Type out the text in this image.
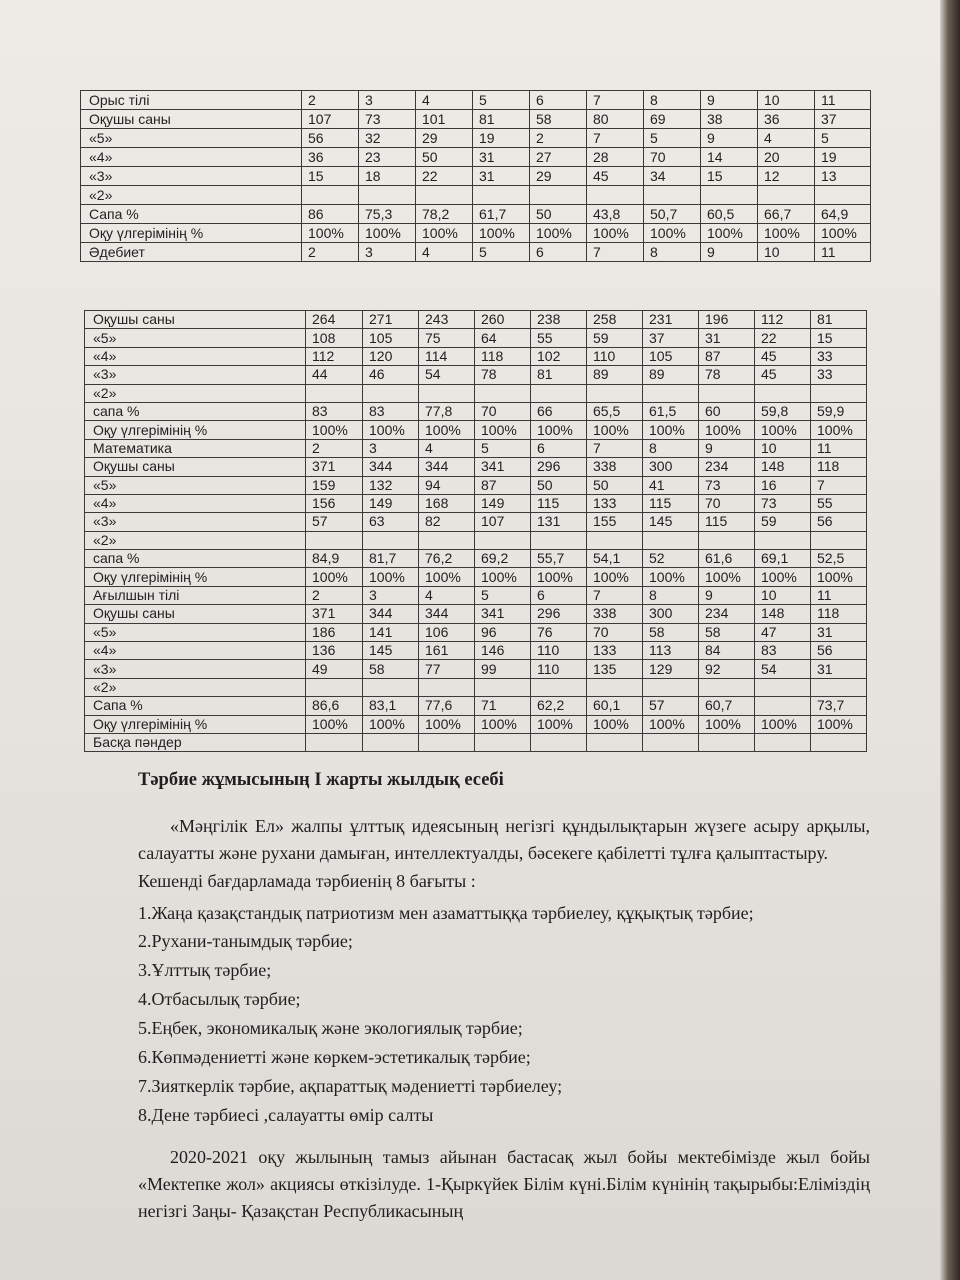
Орыс тілі	2	3	4	5	6	7	8	9	10	11
Оқушы саны	107	73	101	81	58	80	69	38	36	37
«5»	56	32	29	19	2	7	5	9	4	5
«4»	36	23	50	31	27	28	70	14	20	19
«3»	15	18	22	31	29	45	34	15	12	13
«2»										
Сапа %	86	75,3	78,2	61,7	50	43,8	50,7	60,5	66,7	64,9
Оқу үлгерімінің %	100%	100%	100%	100%	100%	100%	100%	100%	100%	100%
Әдебиет	2	3	4	5	6	7	8	9	10	11
Оқушы саны	264	271	243	260	238	258	231	196	112	81
«5»	108	105	75	64	55	59	37	31	22	15
«4»	112	120	114	118	102	110	105	87	45	33
«3»	44	46	54	78	81	89	89	78	45	33
«2»										
сапа %	83	83	77,8	70	66	65,5	61,5	60	59,8	59,9
Оқу үлгерімінің %	100%	100%	100%	100%	100%	100%	100%	100%	100%	100%
Математика	2	3	4	5	6	7	8	9	10	11
Оқушы саны	371	344	344	341	296	338	300	234	148	118
«5»	159	132	94	87	50	50	41	73	16	7
«4»	156	149	168	149	115	133	115	70	73	55
«3»	57	63	82	107	131	155	145	115	59	56
«2»										
сапа %	84,9	81,7	76,2	69,2	55,7	54,1	52	61,6	69,1	52,5
Оқу үлгерімінің %	100%	100%	100%	100%	100%	100%	100%	100%	100%	100%
Ағылшын тілі	2	3	4	5	6	7	8	9	10	11
Оқушы саны	371	344	344	341	296	338	300	234	148	118
«5»	186	141	106	96	76	70	58	58	47	31
«4»	136	145	161	146	110	133	113	84	83	56
«3»	49	58	77	99	110	135	129	92	54	31
«2»										
Сапа %	86,6	83,1	77,6	71	62,2	60,1	57	60,7		73,7
Оқу үлгерімінің %	100%	100%	100%	100%	100%	100%	100%	100%	100%	100%
Басқа пәндер										

Тәрбие жұмысының I жарты жылдық есебі

«Мәңгілік Ел» жалпы ұлттық идеясының негізгі құндылықтарын жүзеге асыру арқылы, салауатты және рухани дамыған, интеллектуалды, бәсекеге қабілетті тұлға қалыптастыру.

Кешенді бағдарламада тәрбиенің 8 бағыты :

1.Жаңа қазақстандық патриотизм мен азаматтыққа тәрбиелеу, құқықтық тәрбие;

2.Рухани-танымдық тәрбие;

3.Ұлттық тәрбие;

4.Отбасылық тәрбие;

5.Еңбек, экономикалық және экологиялық тәрбие;

6.Көпмәдениетті және көркем-эстетикалық тәрбие;

7.Зияткерлік тәрбие, ақпараттық мәдениетті тәрбиелеу;

8.Дене тәрбиесі ,салауатты өмір салты

2020-2021 оқу жылының тамыз айынан бастасақ жыл бойы мектебімізде жыл бойы «Мектепке жол» акциясы өткізілуде. 1-Қыркүйек Білім күні.Білім күнінің тақырыбы:Еліміздің негізгі Заңы- Қазақстан Республикасының
